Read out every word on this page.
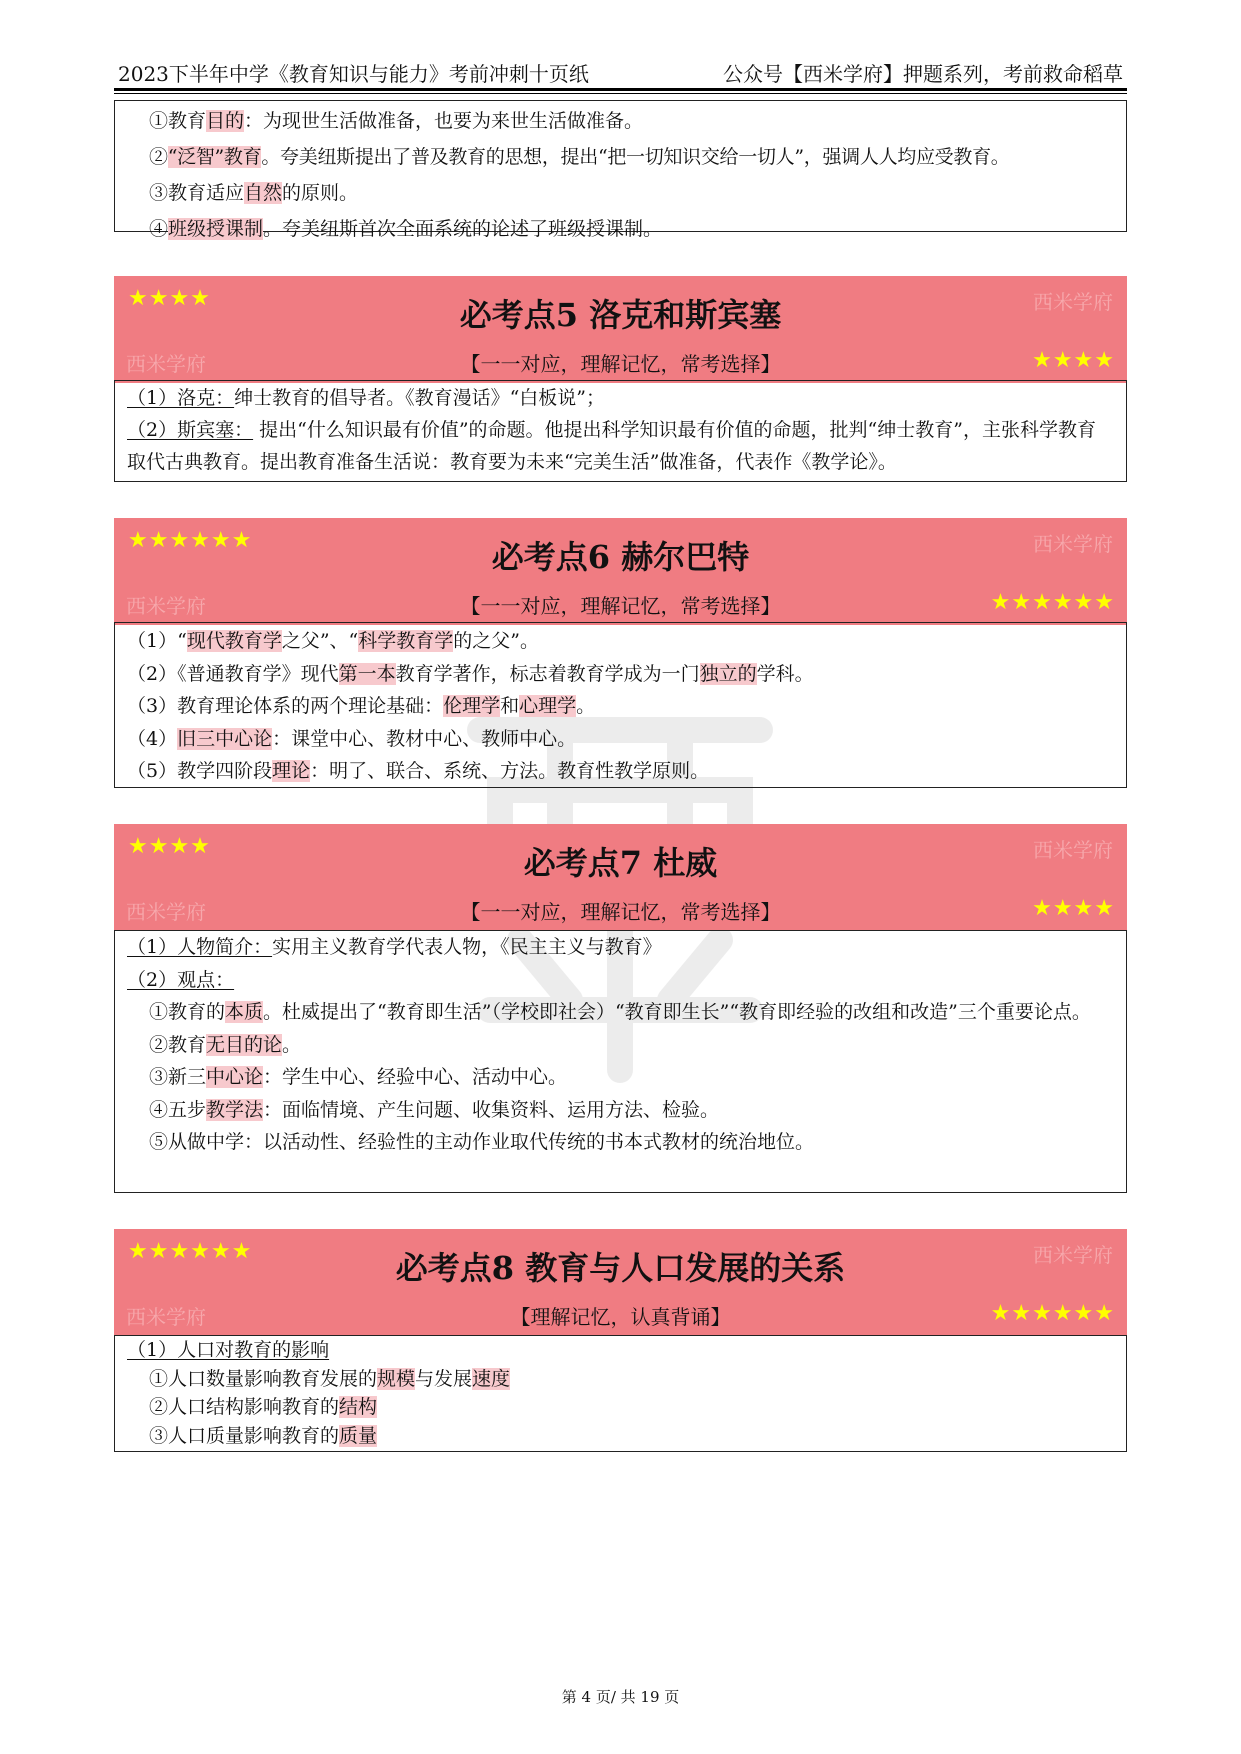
2023下半年中学《教育知识与能力》考前冲刺十页纸	公众号【西米学府】押题系列，考前救命稻草
①教育目的：为现世生活做准备，也要为来世生活做准备。
②“泛智”教育。夸美纽斯提出了普及教育的思想，提出“把一切知识交给一切人”，强调人人均应受教育。
③教育适应自然的原则。
④班级授课制。夸美纽斯首次全面系统的论述了班级授课制。
★★★★	西米学府
必考点5 洛克和斯宾塞
西米学府	【一一对应，理解记忆，常考选择】	★★★★
（1）洛克：绅士教育的倡导者。《教育漫话》“白板说”；
（2）斯宾塞： 提出“什么知识最有价值”的命题。他提出科学知识最有价值的命题，批判“绅士教育”，主张科学教育取代古典教育。提出教育准备生活说：教育要为未来“完美生活”做准备，代表作《教学论》。
★★★★★★	西米学府
必考点6 赫尔巴特
西米学府	【一一对应，理解记忆，常考选择】	★★★★★★
（1）“现代教育学之父”、“科学教育学的之父”。
（2）《普通教育学》现代第一本教育学著作，标志着教育学成为一门独立的学科。
（3）教育理论体系的两个理论基础：伦理学和心理学。
（4）旧三中心论：课堂中心、教材中心、教师中心。
（5）教学四阶段理论：明了、联合、系统、方法。教育性教学原则。
★★★★	西米学府
必考点7 杜威
西米学府	【一一对应，理解记忆，常考选择】	★★★★
（1）人物简介：实用主义教育学代表人物，《民主主义与教育》
（2）观点：
①教育的本质。杜威提出了“教育即生活”（学校即社会）“教育即生长”“教育即经验的改组和改造”三个重要论点。
②教育无目的论。
③新三中心论：学生中心、经验中心、活动中心。
④五步教学法：面临情境、产生问题、收集资料、运用方法、检验。
⑤从做中学：以活动性、经验性的主动作业取代传统的书本式教材的统治地位。
★★★★★★	西米学府
必考点8 教育与人口发展的关系
西米学府	【理解记忆，认真背诵】	★★★★★★
（1）人口对教育的影响
①人口数量影响教育发展的规模与发展速度
②人口结构影响教育的结构
③人口质量影响教育的质量
第 4 页/ 共 19 页
